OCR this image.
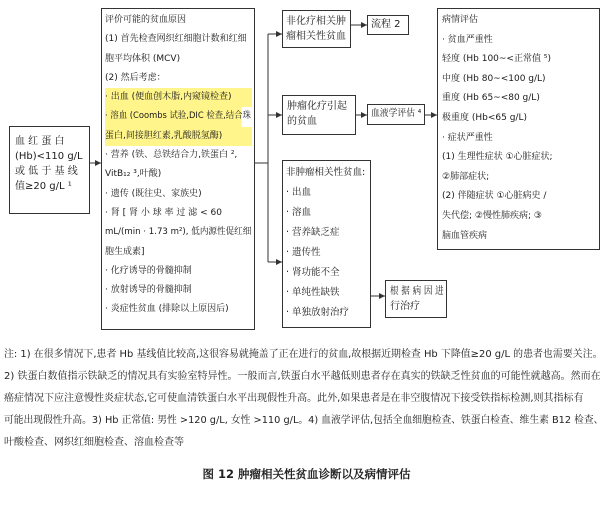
血 红 蛋 白
(Hb)<110 g/L
或 低 于 基 线
值≥20 g/L ¹
评价可能的贫血原因
(1) 首先检查网织红细胞计数和红细
胞平均体积 (MCV)
(2) 然后考虑：
· 出血 (便血创木脂,内窥镜检查)
· 溶血 (Coombs 试验,DIC 检查,结合珠
蛋白,间接胆红素,乳酸脱氢酶)
· 营养 (铁、总铁结合力,铁蛋白 ²,
VitB₁₂ ³,叶酸)
· 遗传 (既往史、家族史)
· 肾 [ 肾 小 球 率 过 滤 < 60
mL/(min · 1.73 m²), 低内源性促红细
胞生成素]
· 化疗诱导的骨髓抑制
· 放射诱导的骨髓抑制
· 炎症性贫血 (排除以上原因后)
非化疗相关肿
瘤相关性贫血
流程 2
肿瘤化疗引起
的贫血
血液学评估 ⁴
非肿瘤相关性贫血:
· 出血
· 溶血
· 营养缺乏症
· 遗传性
· 肾功能不全
· 单纯性缺铁
· 单独放射治疗
根 据 病 因 进
行治疗
病情评估
· 贫血严重性
轻度 (Hb 100~<正常值 ⁵)
中度 (Hb 80~<100 g/L)
重度 (Hb 65~<80 g/L)
极重度 (Hb<65 g/L)
· 症状严重性
(1) 生理性症状 ①心脏症状;
②肺部症状;
(2) 伴随症状 ①心脏病史 /
失代偿; ②慢性肺疾病; ③
脑血管疾病
注: 1) 在很多情况下,患者 Hb 基线值比较高,这很容易就掩盖了正在进行的贫血,故根据近期检查 Hb 下降值≥20 g/L 的患者也需要关注。
2) 铁蛋白数值指示铁缺乏的情况具有实验室特异性。一般而言,铁蛋白水平越低则患者存在真实的铁缺乏性贫血的可能性就越高。然而在
癌症情况下应注意慢性炎症状态,它可使血清铁蛋白水平出现假性升高。此外,如果患者是在非空腹情况下接受铁指标检测,则其指标有
可能出现假性升高。3) Hb 正常值: 男性 >120 g/L, 女性 >110 g/L。4) 血液学评估,包括全血细胞检查、铁蛋白检查、维生素 B12 检查、
叶酸检查、网织红细胞检查、溶血检查等
图 12 肿瘤相关性贫血诊断以及病情评估
